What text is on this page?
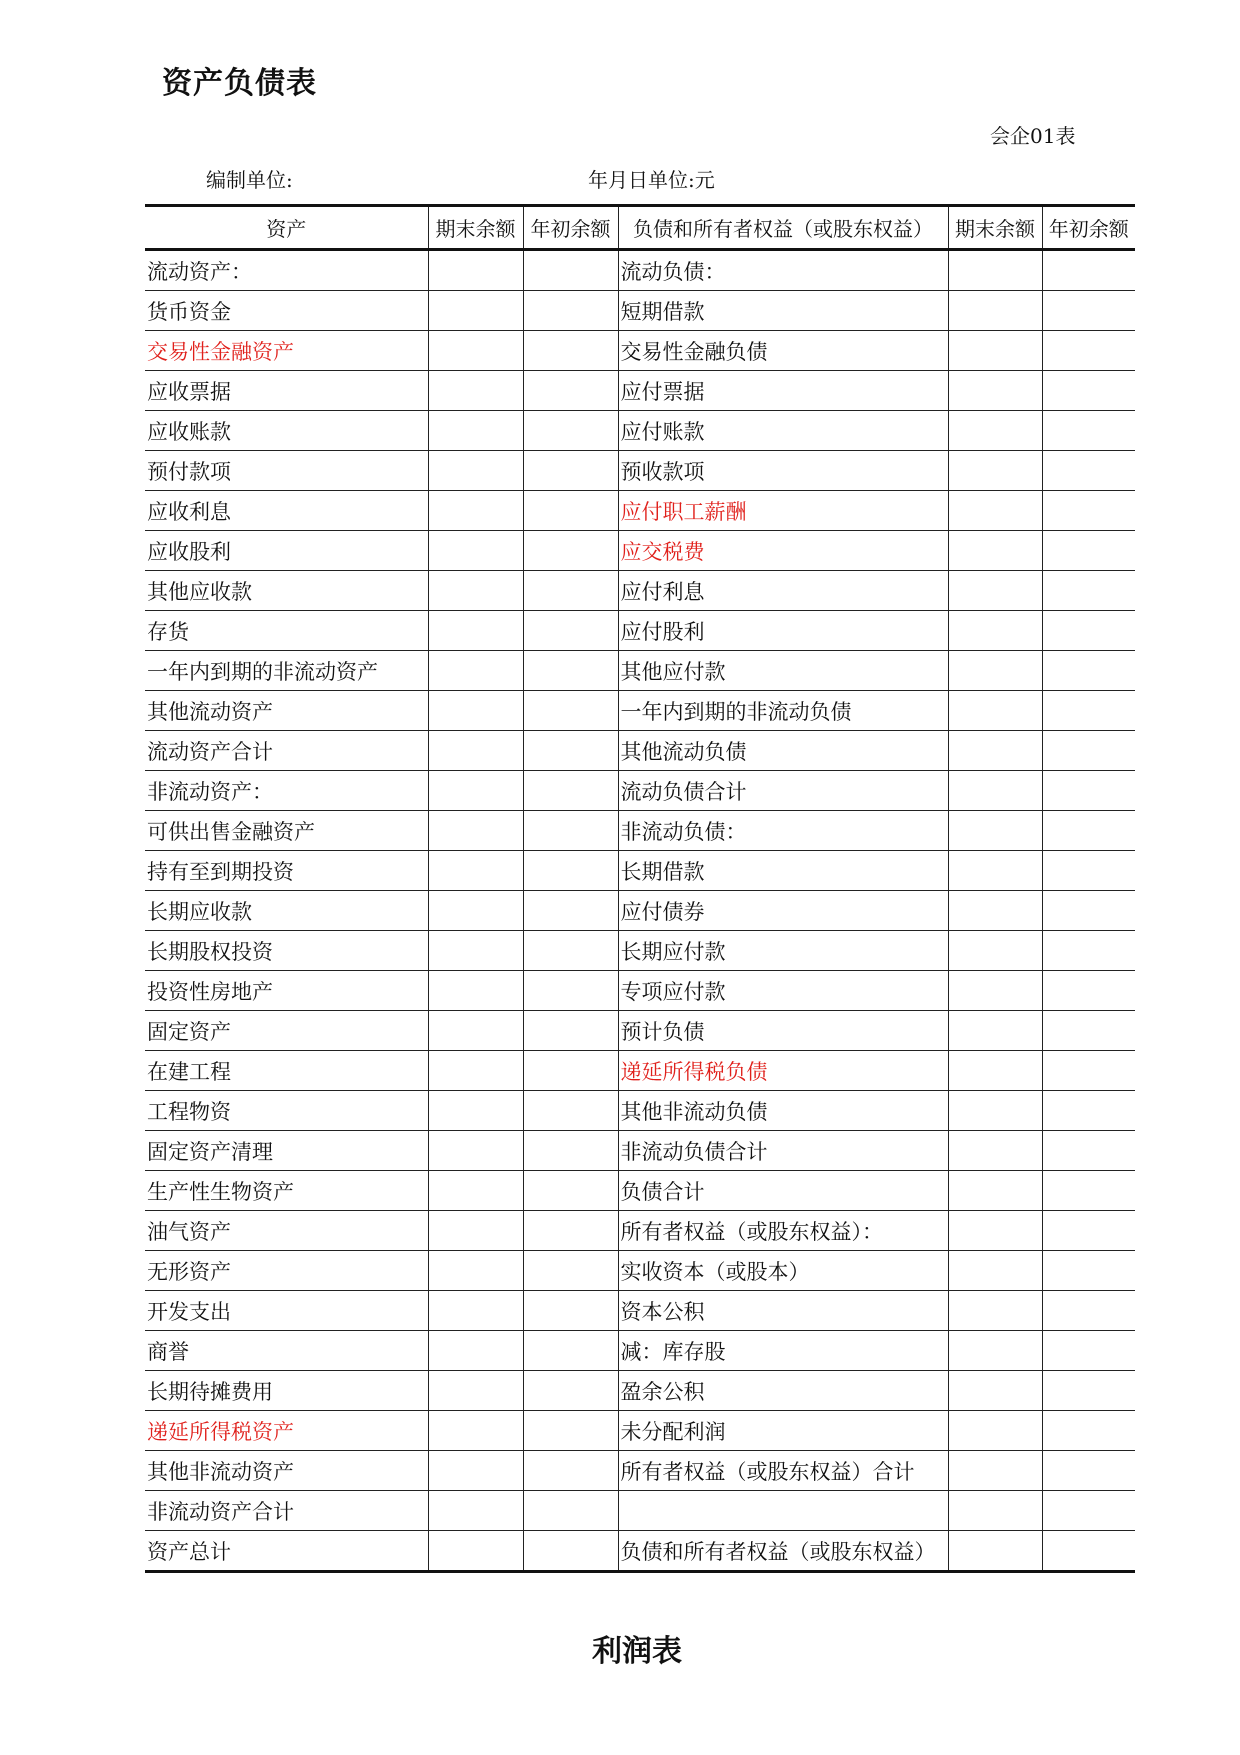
资产负债表
会企01表
编制单位:	年月日单位:元
资产	期末余额	年初余额	负债和所有者权益（或股东权益）	期末余额	年初余额
流动资产：			流动负债：		
货币资金			短期借款		
交易性金融资产			交易性金融负债		
应收票据			应付票据		
应收账款			应付账款		
预付款项			预收款项		
应收利息			应付职工薪酬		
应收股利			应交税费		
其他应收款			应付利息		
存货			应付股利		
一年内到期的非流动资产			其他应付款		
其他流动资产			一年内到期的非流动负债		
流动资产合计			其他流动负债		
非流动资产：			流动负债合计		
可供出售金融资产			非流动负债：		
持有至到期投资			长期借款		
长期应收款			应付债券		
长期股权投资			长期应付款		
投资性房地产			专项应付款		
固定资产			预计负债		
在建工程			递延所得税负债		
工程物资			其他非流动负债		
固定资产清理			非流动负债合计		
生产性生物资产			负债合计		
油气资产			所有者权益（或股东权益）：		
无形资产			实收资本（或股本）		
开发支出			资本公积		
商誉			减：库存股		
长期待摊费用			盈余公积		
递延所得税资产			未分配利润		
其他非流动资产			所有者权益（或股东权益）合计		
非流动资产合计					
资产总计			负债和所有者权益（或股东权益）		
利润表
